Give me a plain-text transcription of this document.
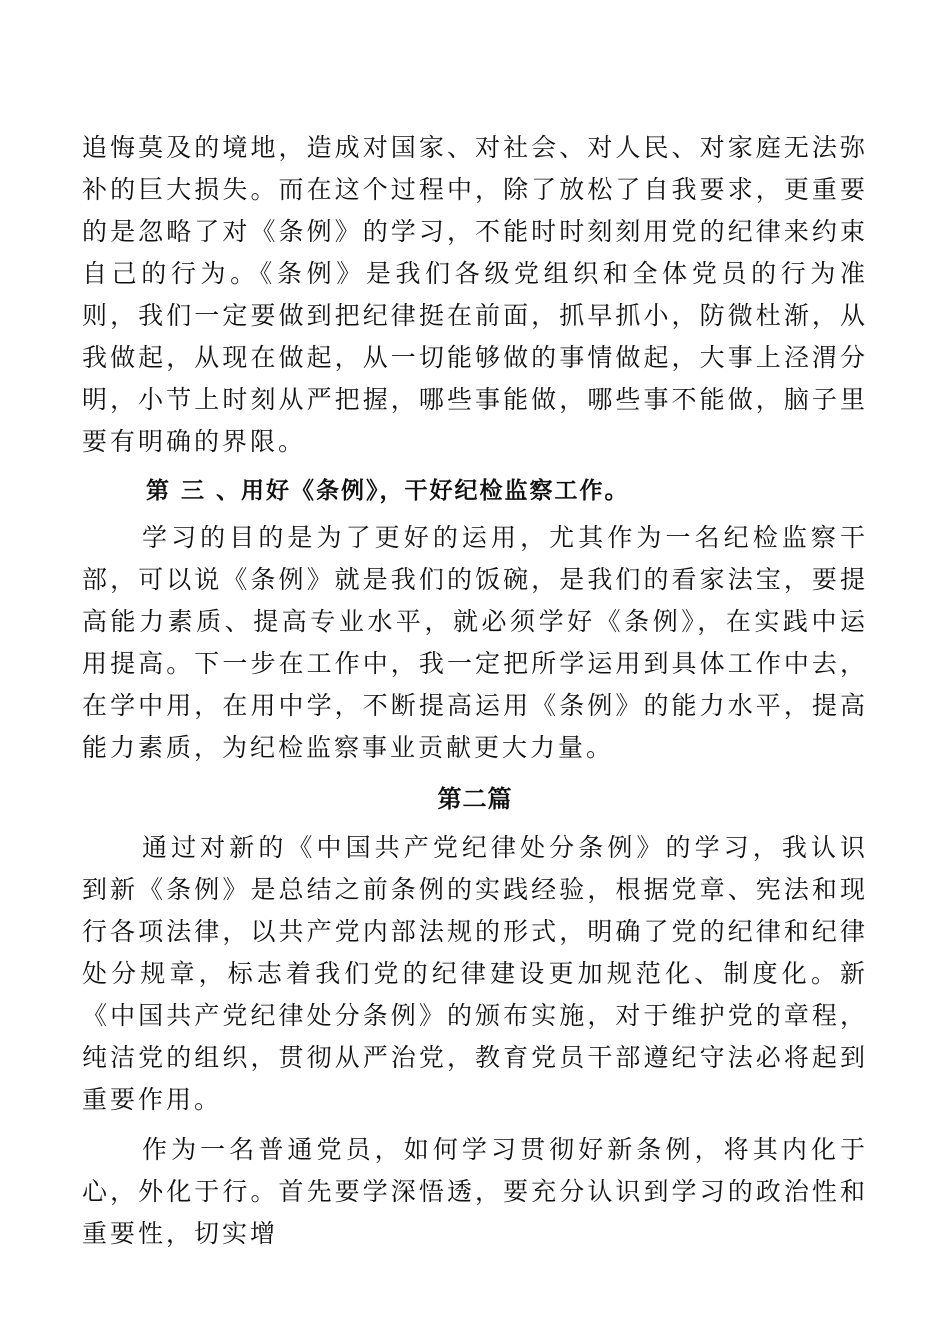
追悔莫及的境地，造成对国家、对社会、对人民、对家庭无法弥补的巨大损失。而在这个过程中，除了放松了自我要求，更重要的是忽略了对《条例》的学习，不能时时刻刻用党的纪律来约束自己的行为。《条例》是我们各级党组织和全体党员的行为准则，我们一定要做到把纪律挺在前面，抓早抓小，防微杜渐，从我做起，从现在做起，从一切能够做的事情做起，大事上泾渭分明，小节上时刻从严把握，哪些事能做，哪些事不能做，脑子里要有明确的界限。

第 三 、用好《条例》，干好纪检监察工作。

学习的目的是为了更好的运用，尤其作为一名纪检监察干部，可以说《条例》就是我们的饭碗，是我们的看家法宝，要提高能力素质、提高专业水平，就必须学好《条例》，在实践中运用提高。下一步在工作中，我一定把所学运用到具体工作中去，在学中用，在用中学，不断提高运用《条例》的能力水平，提高能力素质，为纪检监察事业贡献更大力量。

第二篇

通过对新的《中国共产党纪律处分条例》的学习，我认识到新《条例》是总结之前条例的实践经验，根据党章、宪法和现行各项法律，以共产党内部法规的形式，明确了党的纪律和纪律处分规章，标志着我们党的纪律建设更加规范化、制度化。新《中国共产党纪律处分条例》的颁布实施，对于维护党的章程，纯洁党的组织，贯彻从严治党，教育党员干部遵纪守法必将起到重要作用。

作为一名普通党员，如何学习贯彻好新条例，将其内化于心，外化于行。首先要学深悟透，要充分认识到学习的政治性和重要性，切实增
